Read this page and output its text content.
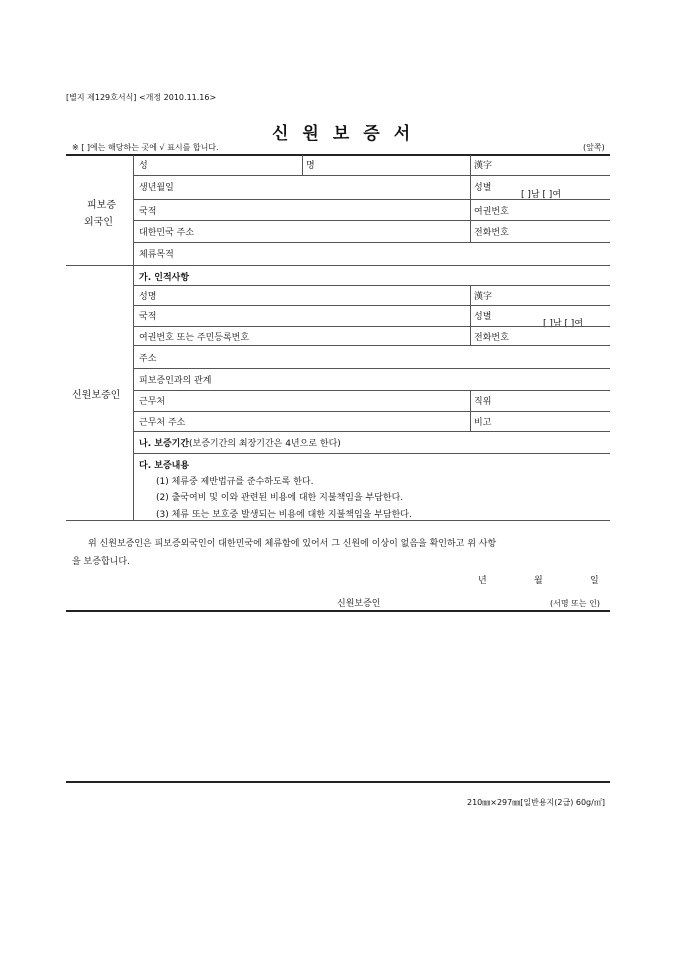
[별지 제129호서식] <개정 2010.11.16>
신원보증서
※ [ ]에는 해당하는 곳에 √ 표시를 합니다.	(앞쪽)
피보증
외국인
성	명	漢字
생년월일	성별
[ ]남 [ ]여
국적	여권번호
대한민국 주소	전화번호
체류목적
신원보증인
가. 인적사항
성명	漢字
국적	성별
[ ]남 [ ]여
여권번호 또는 주민등록번호	전화번호
주소
피보증인과의 관계
근무처	직위
근무처 주소	비고
나. 보증기간(보증기간의 최장기간은 4년으로 한다)
다. 보증내용
(1) 체류중 제반법규를 준수하도록 한다.
(2) 출국여비 및 이와 관련된 비용에 대한 지불책임을 부담한다.
(3) 체류 또는 보호중 발생되는 비용에 대한 지불책임을 부담한다.
위 신원보증인은 피보증외국인이 대한민국에 체류함에 있어서 그 신원에 이상이 없음을 확인하고 위 사항
을 보증합니다.
년	월	일
신원보증인	(서명 또는 인)
210㎜×297㎜[일반용지(2급) 60g/㎡]
